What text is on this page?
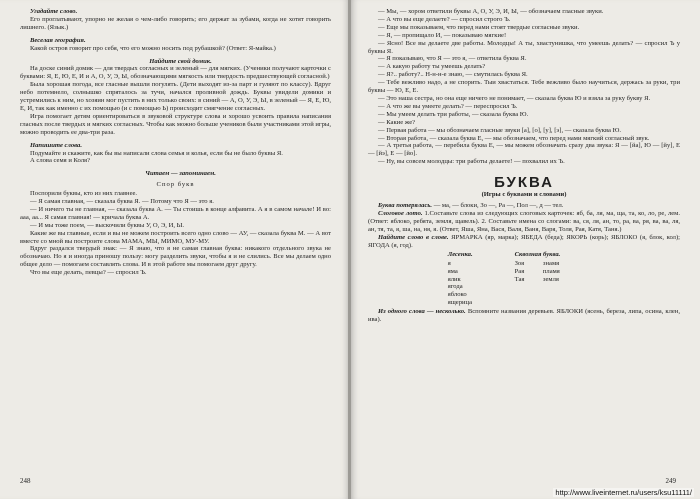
Угадайте слово.

Его проглатывают, упорно не желая о чем-либо говорить; его держат за зубами, когда не хотят говорить лишнего. (Язык.)

Веселая география.

Какой остров говорит про себя, что его можно носить под рубашкой? (Ответ: Я-майка.)

Найдите свой домик.

На доске синий домик — для твердых согласных и зеленый — для мягких. (Ученики получают карточки с буквами: Я, Е, Ю, Е, И и А, О, У, Э, Ы, обозначающими мягкость или твердость предшествующей согласной.)

Была хорошая погода, все гласные вышли погулять. (Дети выходят из-за парт и гуляют по классу). Вдруг небо потемнело, солнышко спряталось за тучи, начался проливной дождь. Буквы увидели домики и устремились к ним, но хозяин мог пустить в них только своих: в синий — А, О, У, Э, Ы, в зеленый — Я, Е, Ю, Е, И, так как именно с их помощью (и с помощью Ь) происходит смягчение согласных.

Игра помогает детям ориентироваться в звуковой структуре слова и хорошо усвоить правила написания гласных после твердых и мягких согласных. Чтобы как можно больше учеников были участниками этой игры, можно проводить ее два-три раза.

Напишите слова.

Подумайте и скажите, как бы вы написали слова семья и колья, если бы не было буквы Я.

А слова семя и Коля?

Читаем — запоминаем.

Спор букв

Поспорили буквы, кто из них главнее.

— Я самая главная, — сказала буква Я. — Потому что Я — это я.

— И ничего ты не главная, — сказала буква А. — Ты стоишь в конце алфавита. А я в самом начале! И во: ааа, аа... Я самая главная! — кричала буква А.

— И мы тоже поем, — выскочили буквы У, О, Э, И, Ы.

Какие же вы главные, если и вы не можем построить всего одно слово — АУ, — сказала буква М. — А вот вместе со мной вы построите слова МАМА, МЫ, МИМО, МУ-МУ.

Вдруг раздался твердый знак: — Я знаю, что я не самая главная буква: никакого отдельного звука не обозначаю. Но я и иногда приношу пользу: могу разделить звуки, чтобы я и не слились. Все мы делаем одно общее дело — помогаем составлять слова. И в этой работе мы помогаем друг другу.

Что вы еще делать, певцы? — спросил Ъ.

248

— Мы, — хором ответили буквы А, О, У, Э, И, Ы, — обозначаем гласные звуки.

— А что вы еще делаете? — спросил строго Ъ.

— Еще мы показываем, что перед нами стоят твердые согласные звуки.

— Я, — пропищало И, — показываю мягкие!

— Ясно! Все вы делаете две работы. Молодцы! А ты, хвастунишка, что умеешь делать? — спросил Ъ у буквы Я.

— Я показываю, что Я — это я, — ответила буква Я.

— А какую работу ты умеешь делать?

— Я?.. работу?.. Н-н-н-е знаю, — смутилась буква Я.

— Тебе вежливо надо, а не спорить. Тыи хвастаться. Тебе вежливо было научиться, держась за руки, три буквы — Ю, Е, Е.

— Это наша сестра, но она еще ничего не понимает, — сказала буква Ю и взяла за руку букву Я.

— А что же вы умеете делать? — переспросил Ъ.

— Мы умеем делать три работы, — сказала буква Ю.

— Какие же?

— Первая работа — мы обозначаем гласные звуки [а], [о], [у], [э], — сказала буква Ю.

— Вторая работа, — сказала буква Е, — мы обозначаем, что перед нами мягкий согласный звук.

— А третья работа, — перебила буква Е, — мы можем обозначать сразу два звука: Я — [йа], Ю — [йу], Е — [йэ], Е — [йо].

— Ну, вы совсем молодцы: три работы делаете! — похвалил их Ъ.

БУКВА
(Игры с буквами и словами)

Буква потерялась. — ма, — блоки, Зо —, Ра —, Пол —, д — тел.

Слоговое лото. 1.Составьте слова из следующих слоговых карточек: яб, ба, ля, ма, ща, та, ко, ло, ре, лем. (Ответ: яблоко, ребята, земля, щавель). 2. Составьте имена со слогами: ва, ся, ля, ан, тo, ра, вa, ря, ва, ва, ля, ан, тя, та, я, ша, на, ня, я. (Ответ, Яша, Яна, Вася, Валя, Ваня, Варя, Толя, Рая, Катя, Таня.)

Найдите слово в слове. ЯРМАРКА (яр, марка); ЯБЕДА (беда); ЯКОРЬ (корь); ЯБЛОКО (я, блок, кол); ЯГОДА (я, год).

Лесенка.
я
яма
ялик
ягода
яблоко
ящерица
Сквозная буква.
Зоя	знамя
Рая	пламя
Тая	земля

Из одного слова — несколько. Вспомните названия деревьев. ЯБЛОКИ (ясень, береза, липа, осина, клен, ива).

249
http://www.liveinternet.ru/users/ksu11111/
